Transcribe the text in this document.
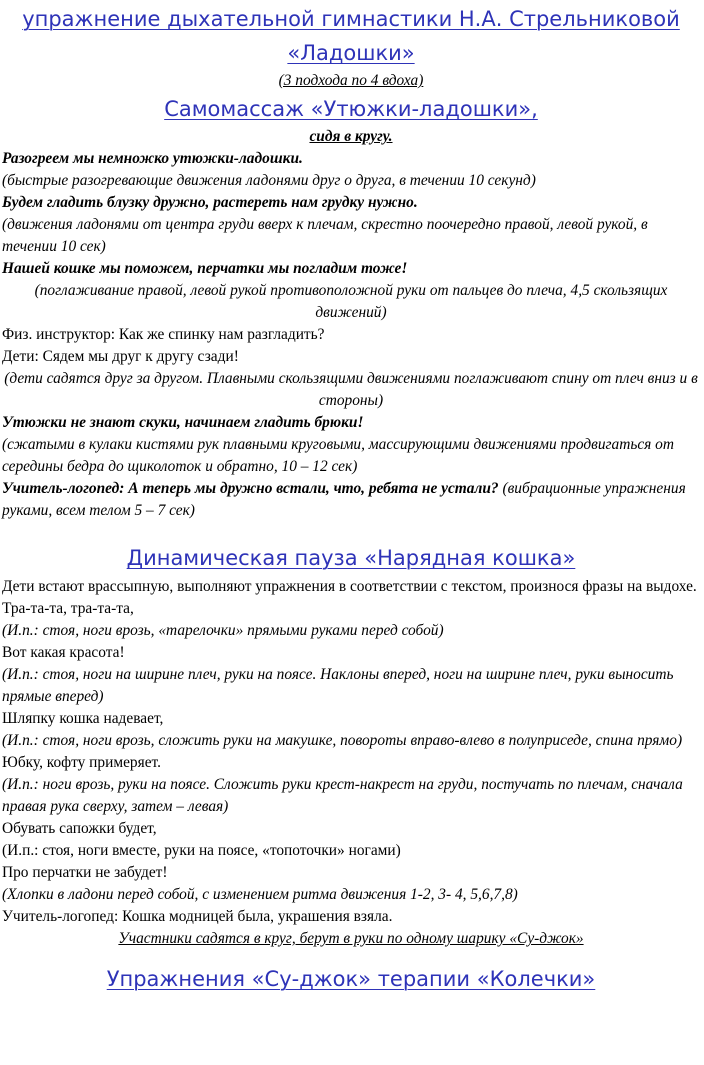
упражнение дыхательной гимнастики Н.А. Стрельниковой
«Ладошки»
(3 подхода по 4 вдоха)
Самомассаж «Утюжки-ладошки»,
сидя в кругу.

Разогреем мы немножко утюжки-ладошки.

(быстрые разогревающие движения ладонями друг о друга, в течении 10 секунд)

Будем гладить блузку дружно, растереть нам грудку нужно.

(движения ладонями от центра груди вверх к плечам, скрестно поочередно правой, левой рукой, в течении 10 сек)

Нашей кошке мы поможем, перчатки мы погладим тоже!

(поглаживание правой, левой рукой противоположной руки от пальцев до плеча, 4,5 скользящих движений)

Физ. инструктор: Как же спинку нам разгладить?

Дети: Сядем мы друг к другу сзади!

(дети садятся друг за другом. Плавными скользящими движениями поглаживают спину от плеч вниз и в стороны)

Утюжки не знают скуки, начинаем гладить брюки!

(сжатыми в кулаки кистями рук плавными круговыми, массирующими движениями продвигаться от середины бедра до щиколоток и обратно, 10 – 12 сек)

Учитель-логопед: А теперь мы дружно встали, что, ребята не устали? (вибрационные упражнения руками, всем телом 5 – 7 сек)

Динамическая пауза «Нарядная кошка»

Дети встают врассыпную, выполняют упражнения в соответствии с текстом, произнося фразы на выдохе.

Тра-та-та, тра-та-та,

(И.п.: стоя, ноги врозь, «тарелочки» прямыми руками перед собой)

Вот какая красота!

(И.п.: стоя, ноги на ширине плеч, руки на поясе. Наклоны вперед, ноги на ширине плеч, руки выносить прямые вперед)

Шляпку кошка надевает,

(И.п.: стоя, ноги врозь, сложить руки на макушке, повороты вправо-влево в полуприседе, спина прямо)

Юбку, кофту примеряет.

(И.п.: ноги врозь, руки на поясе. Сложить руки крест-накрест на груди, постучать по плечам, сначала правая рука сверху, затем – левая)

Обувать сапожки будет,

(И.п.: стоя, ноги вместе, руки на поясе, «топоточки» ногами)

Про перчатки не забудет!

(Хлопки в ладони перед собой, с изменением ритма движения 1-2, 3- 4, 5,6,7,8)

Учитель-логопед: Кошка модницей была, украшения взяла.

Участники садятся в круг, берут в руки по одному шарику «Су-джок»

Упражнения «Су-джок» терапии «Колечки»
